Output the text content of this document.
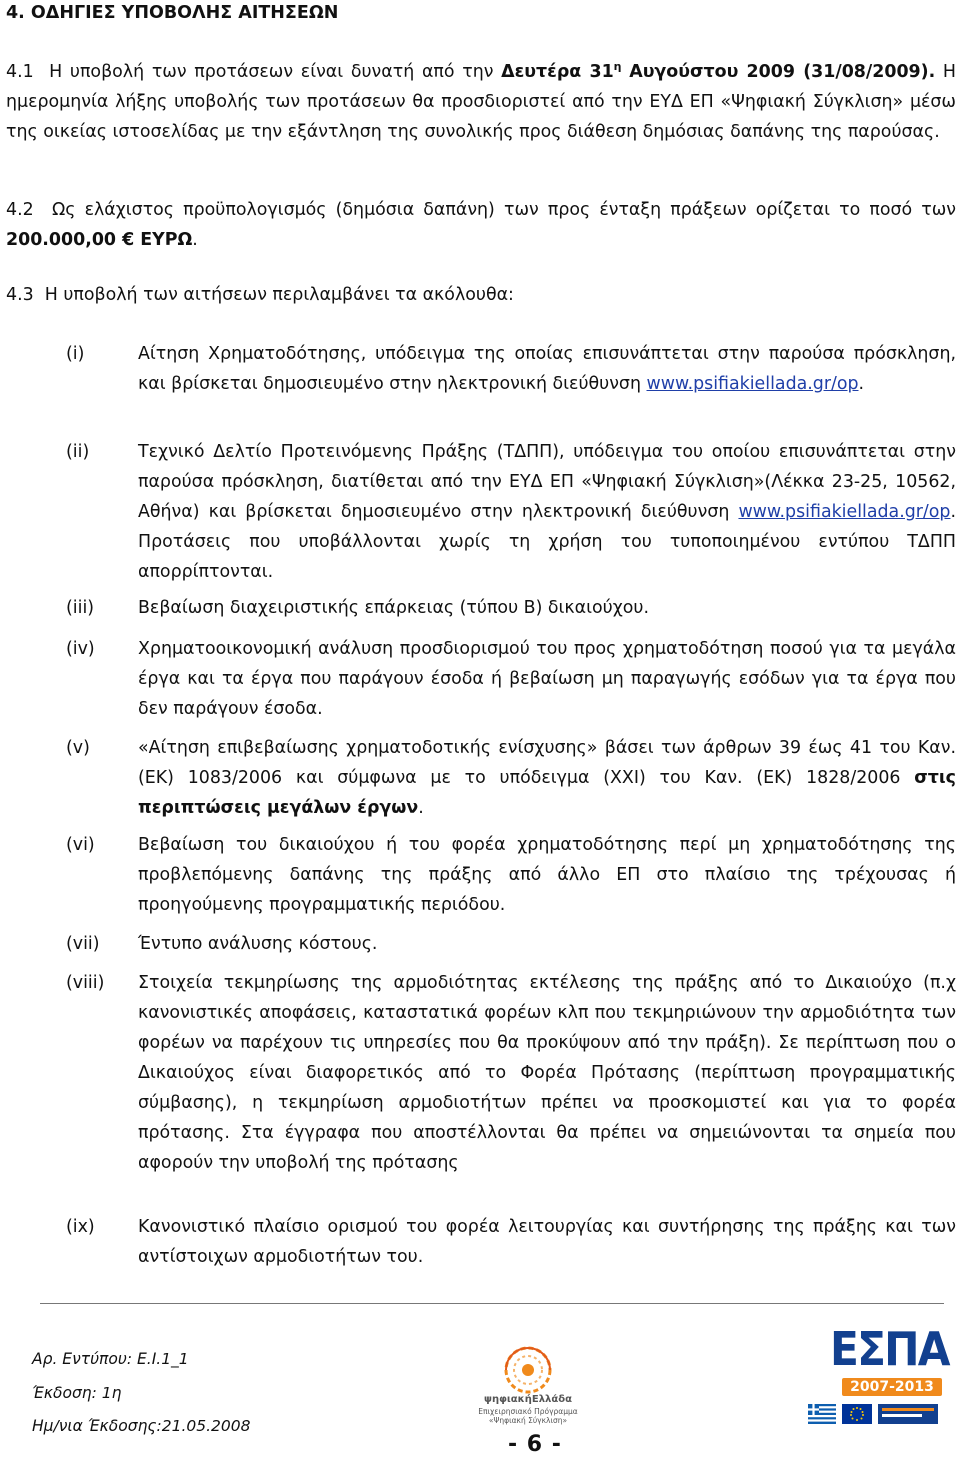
4. ΟΔΗΓΙΕΣ ΥΠΟΒΟΛΗΣ ΑΙΤΗΣΕΩΝ
4.1 Η υποβολή των προτάσεων είναι δυνατή από την Δευτέρα $31^\eta$ Αυγούστου 2009 (31/08/2009). Η ημερομηνία λήξης υποβολής των προτάσεων θα προσδιοριστεί από την ΕΥΔ ΕΠ «Ψηφιακή Σύγκλιση» μέσω της οικείας ιστοσελίδας με την εξάντληση της συνολικής προς διάθεση δημόσιας δαπάνης της παρούσας.
4.2 Ως ελάχιστος προϋπολογισμός (δημόσια δαπάνη) των προς ένταξη πράξεων ορίζεται το ποσό των 200.000,00 € ΕΥΡΩ.
4.3 Η υποβολή των αιτήσεων περιλαμβάνει τα ακόλουθα:
(i)	Αίτηση Χρηματοδότησης, υπόδειγμα της οποίας επισυνάπτεται στην παρούσα πρόσκληση, και βρίσκεται δημοσιευμένο στην ηλεκτρονική διεύθυνση www.psifiakiellada.gr/op.
(ii)	Τεχνικό Δελτίο Προτεινόμενης Πράξης (ΤΔΠΠ), υπόδειγμα του οποίου επισυνάπτεται στην παρούσα πρόσκληση, διατίθεται από την ΕΥΔ ΕΠ «Ψηφιακή Σύγκλιση»(Λέκκα 23-25, 10562, Αθήνα) και βρίσκεται δημοσιευμένο στην ηλεκτρονική διεύθυνση www.psifiakiellada.gr/op. Προτάσεις που υποβάλλονται χωρίς τη χρήση του τυποποιημένου εντύπου ΤΔΠΠ απορρίπτονται.
(iii)	Βεβαίωση διαχειριστικής επάρκειας (τύπου Β) δικαιούχου.
(iv) Χρηματοοικονομική ανάλυση προσδιορισμού του προς χρηματοδότηση ποσού για τα μεγάλα έργα και τα έργα που παράγουν έσοδα ή βεβαίωση μη παραγωγής εσόδων για τα έργα που δεν παράγουν έσοδα.
(v)	«Αίτηση επιβεβαίωσης χρηματοδοτικής ενίσχυσης» βάσει των άρθρων 39 έως 41 του Καν.(ΕΚ) 1083/2006 και σύμφωνα με το υπόδειγμα (XXI) του Καν. (ΕΚ) 1828/2006 στις περιπτώσεις μεγάλων έργων.
(vi) Βεβαίωση του δικαιούχου ή του φορέα χρηματοδότησης περί μη χρηματοδότησης της προβλεπόμενης δαπάνης της πράξης από άλλο ΕΠ στο πλαίσιο της τρέχουσας ή προηγούμενης προγραμματικής περιόδου.
(vii) Έντυπο ανάλυσης κόστους.
(viii) Στοιχεία τεκμηρίωσης της αρμοδιότητας εκτέλεσης της πράξης από το Δικαιούχο (π.χ κανονιστικές αποφάσεις, καταστατικά φορέων κλπ που τεκμηριώνουν την αρμοδιότητα των φορέων να παρέχουν τις υπηρεσίες που θα προκύψουν από την πράξη). Σε περίπτωση που ο Δικαιούχος είναι διαφορετικός από το Φορέα Πρότασης (περίπτωση προγραμματικής σύμβασης), η τεκμηρίωση αρμοδιοτήτων πρέπει να προσκομιστεί και για το φορέα πρότασης. Στα έγγραφα που αποστέλλονται θα πρέπει να σημειώνονται τα σημεία που αφορούν την υποβολή της πρότασης
(ix) Κανονιστικό πλαίσιο ορισμού του φορέα λειτουργίας και συντήρησης της πράξης και των αντίστοιχων αρμοδιοτήτων του.
Αρ. Εντύπου: Ε.Ι.1_1
Έκδοση: 1η
Ημ/νια Έκδοσης:21.05.2008
ψηφιακήΕλλάδα
Επιχειρησιακό Πρόγραμμα
«Ψηφιακή Σύγκλιση»
ΕΣΠΑ
2007-2013
- 6 -
